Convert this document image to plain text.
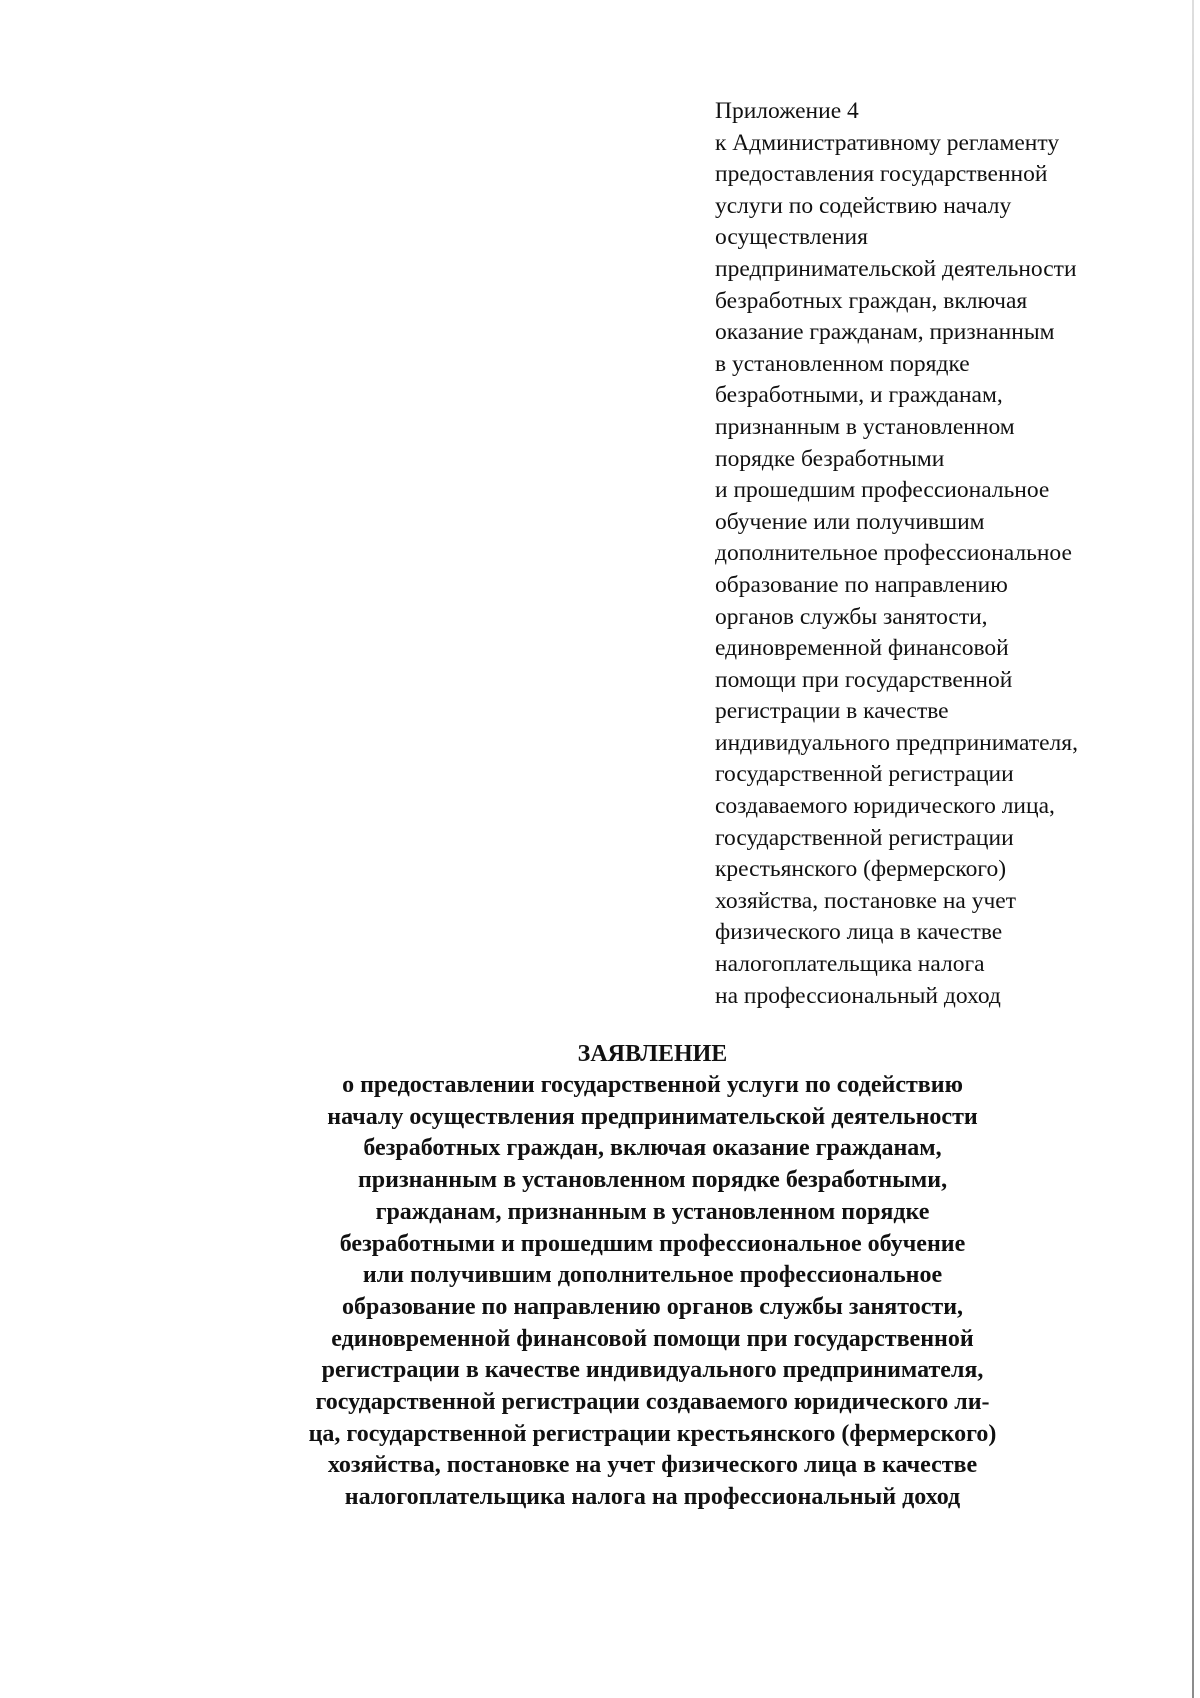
Приложение 4
к Административному регламенту
предоставления государственной
услуги по содействию началу
осуществления
предпринимательской деятельности
безработных граждан, включая
оказание гражданам, признанным
в установленном порядке
безработными, и гражданам,
признанным в установленном
порядке безработными
и прошедшим профессиональное
обучение или получившим
дополнительное профессиональное
образование по направлению
органов службы занятости,
единовременной финансовой
помощи при государственной
регистрации в качестве
индивидуального предпринимателя,
государственной регистрации
создаваемого юридического лица,
государственной регистрации
крестьянского (фермерского)
хозяйства, постановке на учет
физического лица в качестве
налогоплательщика налога
на профессиональный доход
ЗАЯВЛЕНИЕ
о предоставлении государственной услуги по содействию
началу осуществления предпринимательской деятельности
безработных граждан, включая оказание гражданам,
признанным в установленном порядке безработными,
гражданам, признанным в установленном порядке
безработными и прошедшим профессиональное обучение
или получившим дополнительное профессиональное
образование по направлению органов службы занятости,
единовременной финансовой помощи при государственной
регистрации в качестве индивидуального предпринимателя,
государственной регистрации создаваемого юридического ли-
ца, государственной регистрации крестьянского (фермерского)
хозяйства, постановке на учет физического лица в качестве
налогоплательщика налога на профессиональный доход
